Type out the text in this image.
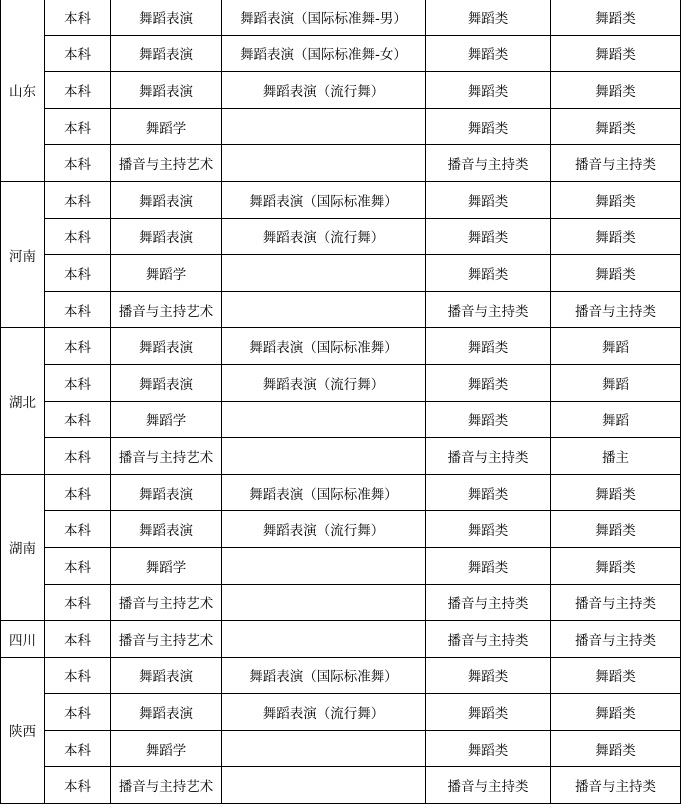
山东	本科	舞蹈表演	舞蹈表演（国际标准舞-男）	舞蹈类	舞蹈类
	本科	舞蹈表演	舞蹈表演（国际标准舞-女）	舞蹈类	舞蹈类
	本科	舞蹈表演	舞蹈表演（流行舞）	舞蹈类	舞蹈类
	本科	舞蹈学		舞蹈类	舞蹈类
	本科	播音与主持艺术		播音与主持类	播音与主持类
河南	本科	舞蹈表演	舞蹈表演（国际标准舞）	舞蹈类	舞蹈类
	本科	舞蹈表演	舞蹈表演（流行舞）	舞蹈类	舞蹈类
	本科	舞蹈学		舞蹈类	舞蹈类
	本科	播音与主持艺术		播音与主持类	播音与主持类
湖北	本科	舞蹈表演	舞蹈表演（国际标准舞）	舞蹈类	舞蹈
	本科	舞蹈表演	舞蹈表演（流行舞）	舞蹈类	舞蹈
	本科	舞蹈学		舞蹈类	舞蹈
	本科	播音与主持艺术		播音与主持类	播主
湖南	本科	舞蹈表演	舞蹈表演（国际标准舞）	舞蹈类	舞蹈类
	本科	舞蹈表演	舞蹈表演（流行舞）	舞蹈类	舞蹈类
	本科	舞蹈学		舞蹈类	舞蹈类
	本科	播音与主持艺术		播音与主持类	播音与主持类
四川	本科	播音与主持艺术		播音与主持类	播音与主持类
陕西	本科	舞蹈表演	舞蹈表演（国际标准舞）	舞蹈类	舞蹈类
	本科	舞蹈表演	舞蹈表演（流行舞）	舞蹈类	舞蹈类
	本科	舞蹈学		舞蹈类	舞蹈类
	本科	播音与主持艺术		播音与主持类	播音与主持类
